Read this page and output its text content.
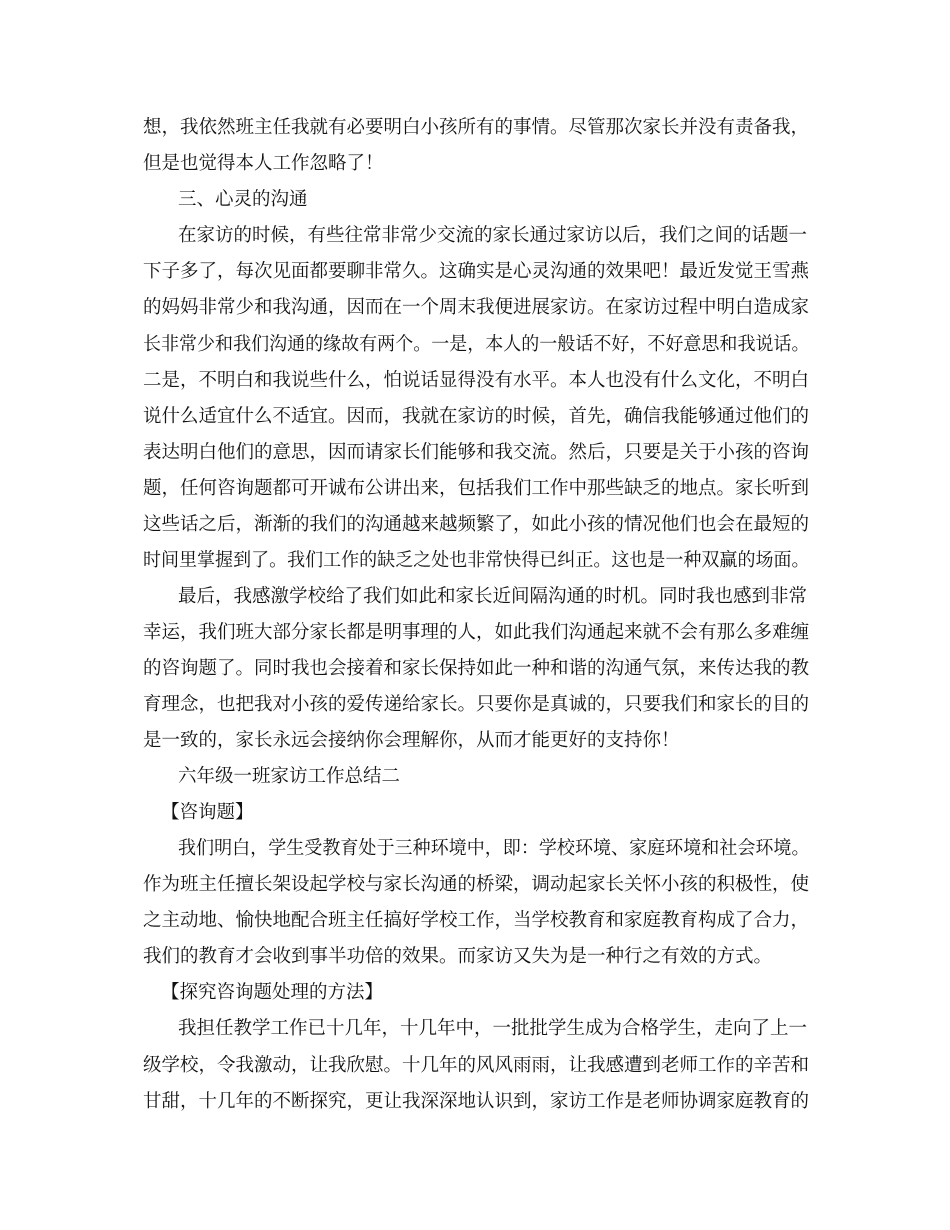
想，我依然班主任我就有必要明白小孩所有的事情。尽管那次家长并没有责备我，
但是也觉得本人工作忽略了！
三、心灵的沟通
在家访的时候，有些往常非常少交流的家长通过家访以后，我们之间的话题一
下子多了，每次见面都要聊非常久。这确实是心灵沟通的效果吧！最近发觉王雪燕
的妈妈非常少和我沟通，因而在一个周末我便进展家访。在家访过程中明白造成家
长非常少和我们沟通的缘故有两个。一是，本人的一般话不好，不好意思和我说话。
二是，不明白和我说些什么，怕说话显得没有水平。本人也没有什么文化，不明白
说什么适宜什么不适宜。因而，我就在家访的时候，首先，确信我能够通过他们的
表达明白他们的意思，因而请家长们能够和我交流。然后，只要是关于小孩的咨询
题，任何咨询题都可开诚布公讲出来，包括我们工作中那些缺乏的地点。家长听到
这些话之后，渐渐的我们的沟通越来越频繁了，如此小孩的情况他们也会在最短的
时间里掌握到了。我们工作的缺乏之处也非常快得已纠正。这也是一种双赢的场面。
最后，我感激学校给了我们如此和家长近间隔沟通的时机。同时我也感到非常
幸运，我们班大部分家长都是明事理的人，如此我们沟通起来就不会有那么多难缠
的咨询题了。同时我也会接着和家长保持如此一种和谐的沟通气氛，来传达我的教
育理念，也把我对小孩的爱传递给家长。只要你是真诚的，只要我们和家长的目的
是一致的，家长永远会接纳你会理解你，从而才能更好的支持你！
六年级一班家访工作总结二
【咨询题】
我们明白，学生受教育处于三种环境中，即：学校环境、家庭环境和社会环境。
作为班主任擅长架设起学校与家长沟通的桥梁，调动起家长关怀小孩的积极性，使
之主动地、愉快地配合班主任搞好学校工作，当学校教育和家庭教育构成了合力，
我们的教育才会收到事半功倍的效果。而家访又失为是一种行之有效的方式。
【探究咨询题处理的方法】
我担任教学工作已十几年，十几年中，一批批学生成为合格学生，走向了上一
级学校，令我激动，让我欣慰。十几年的风风雨雨，让我感遭到老师工作的辛苦和
甘甜，十几年的不断探究，更让我深深地认识到，家访工作是老师协调家庭教育的
